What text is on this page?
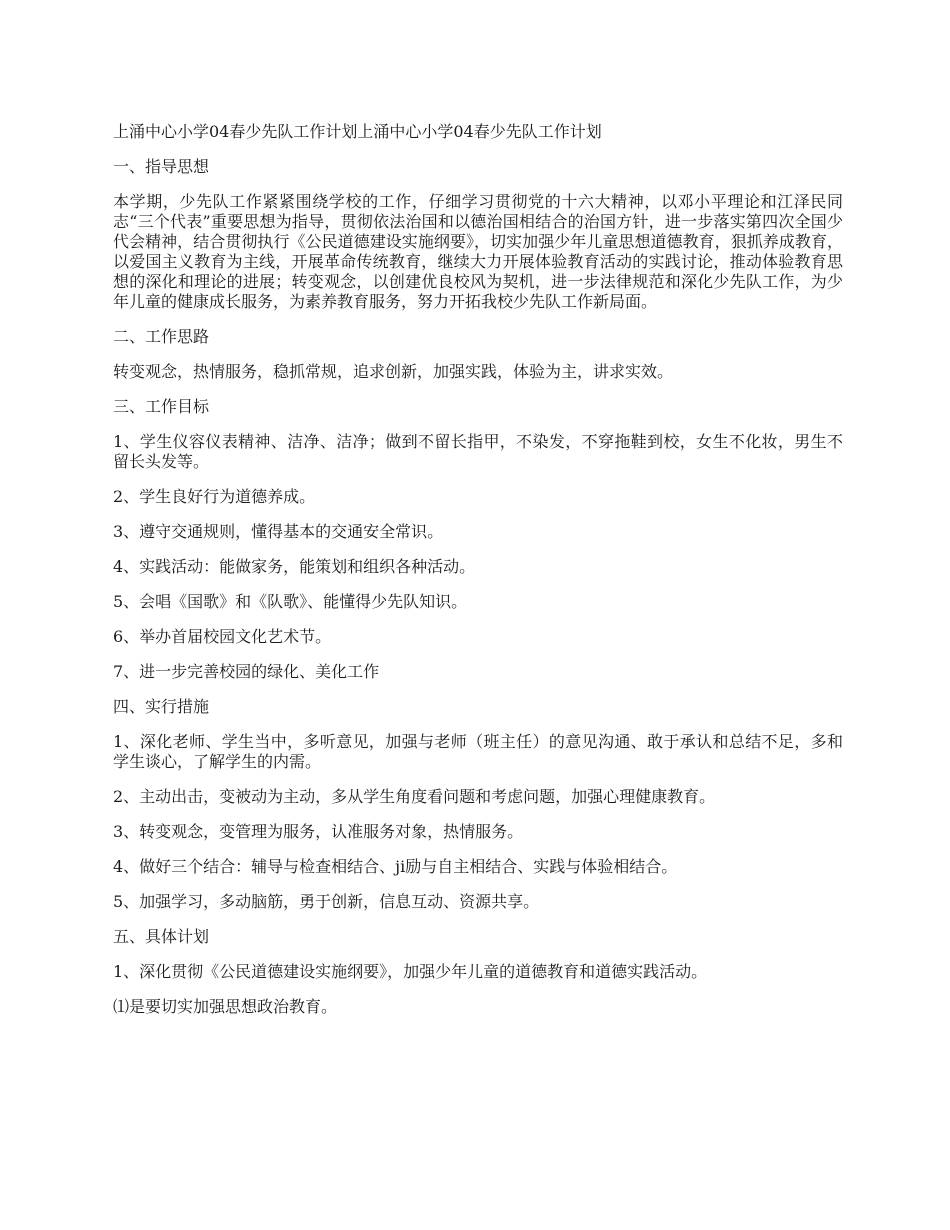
上涌中心小学04春少先队工作计划上涌中心小学04春少先队工作计划

一、指导思想

本学期，少先队工作紧紧围绕学校的工作，仔细学习贯彻党的十六大精神，以邓小平理论和江泽民同志“三个代表”重要思想为指导，贯彻依法治国和以德治国相结合的治国方针，进一步落实第四次全国少代会精神，结合贯彻执行《公民道德建设实施纲要》，切实加强少年儿童思想道德教育，狠抓养成教育，以爱国主义教育为主线，开展革命传统教育，继续大力开展体验教育活动的实践讨论，推动体验教育思想的深化和理论的进展；转变观念，以创建优良校风为契机，进一步法律规范和深化少先队工作，为少年儿童的健康成长服务，为素养教育服务，努力开拓我校少先队工作新局面。

二、工作思路

转变观念，热情服务，稳抓常规，追求创新，加强实践，体验为主，讲求实效。

三、工作目标

1、学生仪容仪表精神、洁净、洁净；做到不留长指甲，不染发，不穿拖鞋到校，女生不化妆，男生不留长头发等。

2、学生良好行为道德养成。

3、遵守交通规则，懂得基本的交通安全常识。

4、实践活动：能做家务，能策划和组织各种活动。

5、会唱《国歌》和《队歌》、能懂得少先队知识。

6、举办首届校园文化艺术节。

7、进一步完善校园的绿化、美化工作

四、实行措施

1、深化老师、学生当中，多听意见，加强与老师（班主任）的意见沟通、敢于承认和总结不足，多和学生谈心，了解学生的内需。

2、主动出击，变被动为主动，多从学生角度看问题和考虑问题，加强心理健康教育。

3、转变观念，变管理为服务，认准服务对象，热情服务。

4、做好三个结合：辅导与检查相结合、ji励与自主相结合、实践与体验相结合。

5、加强学习，多动脑筋，勇于创新，信息互动、资源共享。

五、具体计划

1、深化贯彻《公民道德建设实施纲要》，加强少年儿童的道德教育和道德实践活动。

⑴是要切实加强思想政治教育。
